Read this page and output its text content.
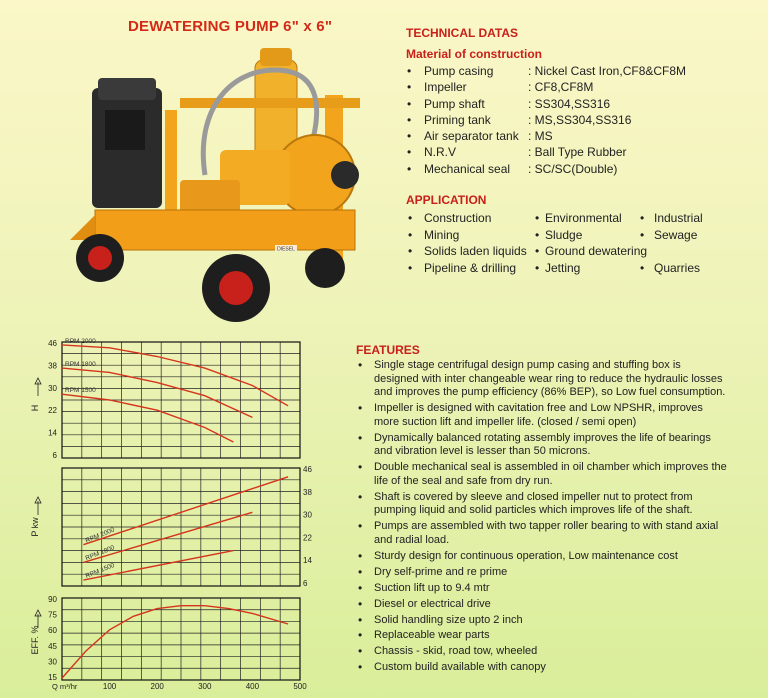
DEWATERING PUMP 6" x 6"
DIESEL
TECHNICAL DATAS
Material of construction
• Pump casing	: Nickel Cast Iron,CF8&CF8M
• Impeller	: CF8,CF8M
• Pump shaft	: SS304,SS316
• Priming tank	: MS,SS304,SS316
• Air separator tank : MS
• N.R.V	: Ball Type Rubber
• Mechanical seal : SC/SC(Double)
APPLICATION
• Construction	• Environmental • Industrial
• Mining	• Sludge	• Sewage
• Solids laden liquids • Ground dewatering
• Pipeline & drilling • Jetting	• Quarries
FEATURES
• Single stage centrifugal design pump casing and stuffing box is designed with inter changeable wear ring to reduce the hydraulic losses and improves the pump efficiency (86% BEP), so Low fuel consumption.
• Impeller is designed with cavitation free and Low NPSHR, improves more suction lift and impeller life. (closed / semi open)
• Dynamically balanced rotating assembly improves the life of bearings and vibration level is lesser than 50 microns.
• Double mechanical seal is assembled in oil chamber which improves the life of the seal and safe from dry run.
• Shaft is covered by sleeve and closed impeller nut to protect from pumping liquid and solid particles which improves life of the shaft.
• Pumps are assembled with two tapper roller bearing to with stand axial and radial load.
• Sturdy design for continuous operation, Low maintenance cost
• Dry self-prime and re prime
• Suction lift up to 9.4 mtr
• Diesel or electrical drive
• Solid handling size upto 2 inch
• Replaceable wear parts
• Chassis - skid, road tow, wheeled
• Custom build available with canopy
46
38
30
22
14
6
H
RPM 2000
RPM 1800
RPM 1500
46
38
30
22
14
6
P kw	RPM 2000
RPM 1800
RPM 1500
90
75
60
45
30
15
EFF. %
100	200	300	400	500
Q m³/hr
